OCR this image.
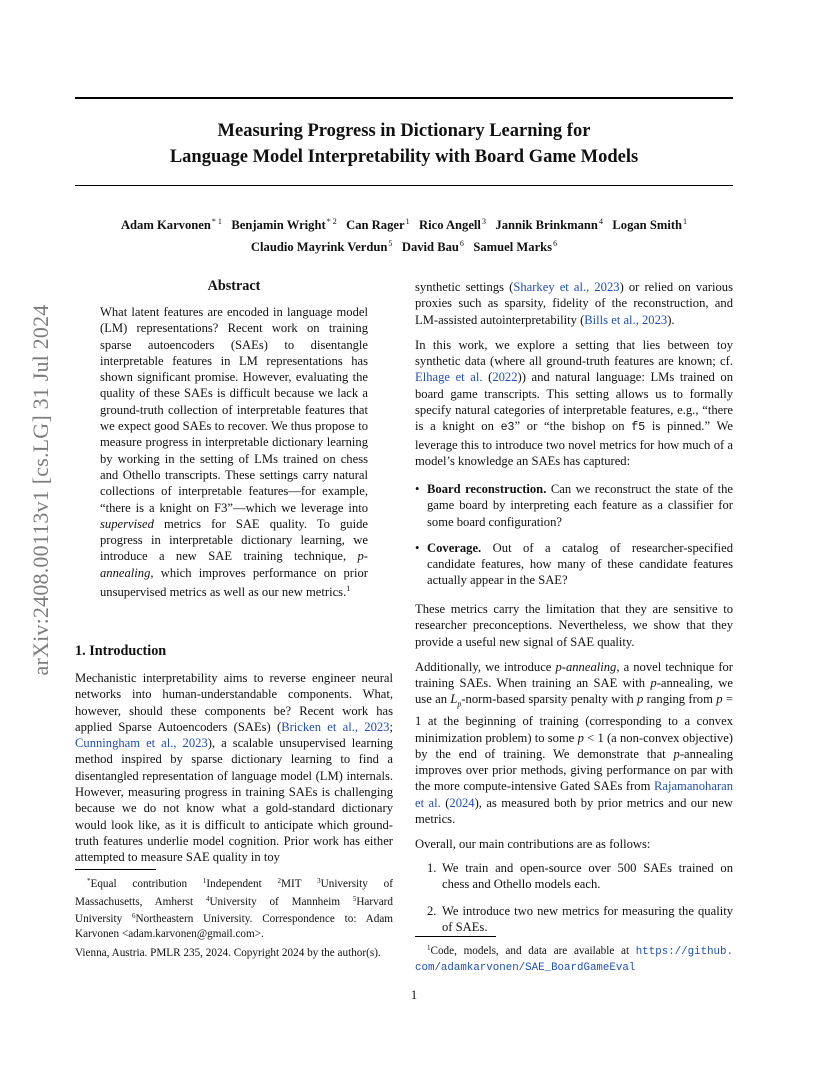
Measuring Progress in Dictionary Learning for
Language Model Interpretability with Board Game Models
Adam Karvonen$^{* 1}$ Benjamin Wright$^{* 2}$ Can Rager$^1$ Rico Angell$^3$ Jannik Brinkmann$^4$ Logan Smith$^1$
Claudio Mayrink Verdun$^5$ David Bau$^6$ Samuel Marks$^6$
arXiv:2408.00113v1 [cs.LG] 31 Jul 2024
Abstract

What latent features are encoded in language model (LM) representations? Recent work on training sparse autoencoders (SAEs) to disentangle interpretable features in LM representations has shown significant promise. However, evaluating the quality of these SAEs is difficult because we lack a ground-truth collection of interpretable features that we expect good SAEs to recover. We thus propose to measure progress in interpretable dictionary learning by working in the setting of LMs trained on chess and Othello transcripts. These settings carry natural collections of interpretable features—for example, “there is a knight on F3”—which we leverage into supervised metrics for SAE quality. To guide progress in interpretable dictionary learning, we introduce a new SAE training technique, p-annealing, which improves performance on prior unsupervised metrics as well as our new metrics.$^1$

1. Introduction

Mechanistic interpretability aims to reverse engineer neural networks into human-understandable components. What, however, should these components be? Recent work has applied Sparse Autoencoders (SAEs) (Bricken et al., 2023; Cunningham et al., 2023), a scalable unsupervised learning method inspired by sparse dictionary learning to find a disentangled representation of language model (LM) internals. However, measuring progress in training SAEs is challenging because we do not know what a gold-standard dictionary would look like, as it is difficult to anticipate which ground-truth features underlie model cognition. Prior work has either attempted to measure SAE quality in toy

*Equal contribution $^1$Independent $^2$MIT $^3$University of Massachusetts, Amherst $^4$University of Mannheim $^5$Harvard University $^6$Northeastern University. Correspondence to: Adam Karvonen <adam.karvonen@gmail.com>.
Vienna, Austria. PMLR 235, 2024. Copyright 2024 by the author(s).

synthetic settings (Sharkey et al., 2023) or relied on various proxies such as sparsity, fidelity of the reconstruction, and LM-assisted autointerpretability (Bills et al., 2023).

In this work, we explore a setting that lies between toy synthetic data (where all ground-truth features are known; cf. Elhage et al. (2022)) and natural language: LMs trained on board game transcripts. This setting allows us to formally specify natural categories of interpretable features, e.g., “there is a knight on e3” or “the bishop on f5 is pinned.” We leverage this to introduce two novel metrics for how much of a model’s knowledge an SAEs has captured:

• Board reconstruction. Can we reconstruct the state of the game board by interpreting each feature as a classifier for some board configuration?
• Coverage. Out of a catalog of researcher-specified candidate features, how many of these candidate features actually appear in the SAE?

These metrics carry the limitation that they are sensitive to researcher preconceptions. Nevertheless, we show that they provide a useful new signal of SAE quality.

Additionally, we introduce p-annealing, a novel technique for training SAEs. When training an SAE with p-annealing, we use an $L_p-norm$-based sparsity penalty with p ranging from p = 1 at the beginning of training (corresponding to a convex minimization problem) to some p < 1 (a non-convex objective) by the end of training. We demonstrate that p-annealing improves over prior methods, giving performance on par with the more compute-intensive Gated SAEs from Rajamanoharan et al. (2024), as measured both by prior metrics and our new metrics.

Overall, our main contributions are as follows:

1. We train and open-source over 500 SAEs trained on chess and Othello models each.
2. We introduce two new metrics for measuring the quality of SAEs.
$^1$Code, models, and data are available at https://github. com/adamkarvonen/SAE_BoardGameEval
1
